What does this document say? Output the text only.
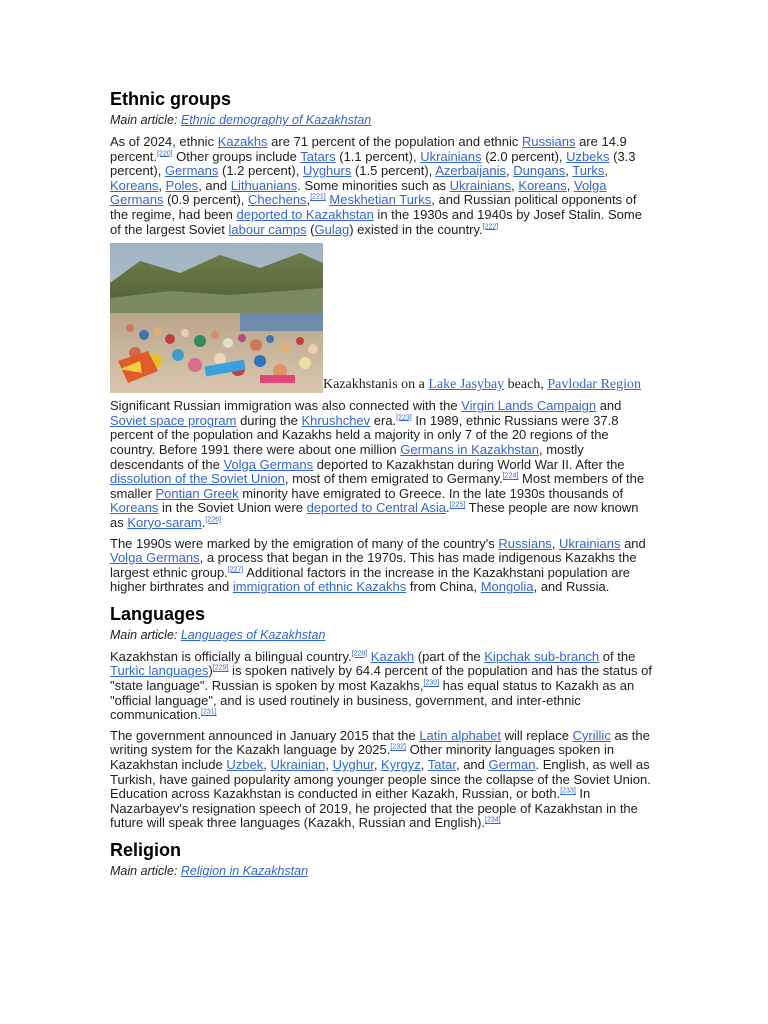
Ethnic groups
Main article: Ethnic demography of Kazakhstan

As of 2024, ethnic Kazakhs are 71 percent of the population and ethnic Russians are 14.9 percent.[220] Other groups include Tatars (1.1 percent), Ukrainians (2.0 percent), Uzbeks (3.3 percent), Germans (1.2 percent), Uyghurs (1.5 percent), Azerbaijanis, Dungans, Turks, Koreans, Poles, and Lithuanians. Some minorities such as Ukrainians, Koreans, Volga Germans (0.9 percent), Chechens,[221] Meskhetian Turks, and Russian political opponents of the regime, had been deported to Kazakhstan in the 1930s and 1940s by Josef Stalin. Some of the largest Soviet labour camps (Gulag) existed in the country.[222]

Kazakhstanis on a Lake Jasybay beach, Pavlodar Region

Significant Russian immigration was also connected with the Virgin Lands Campaign and Soviet space program during the Khrushchev era.[223] In 1989, ethnic Russians were 37.8 percent of the population and Kazakhs held a majority in only 7 of the 20 regions of the country. Before 1991 there were about one million Germans in Kazakhstan, mostly descendants of the Volga Germans deported to Kazakhstan during World War II. After the dissolution of the Soviet Union, most of them emigrated to Germany.[224] Most members of the smaller Pontian Greek minority have emigrated to Greece. In the late 1930s thousands of Koreans in the Soviet Union were deported to Central Asia.[225] These people are now known as Koryo-saram.[226]

The 1990s were marked by the emigration of many of the country's Russians, Ukrainians and Volga Germans, a process that began in the 1970s. This has made indigenous Kazakhs the largest ethnic group.[227] Additional factors in the increase in the Kazakhstani population are higher birthrates and immigration of ethnic Kazakhs from China, Mongolia, and Russia.

Languages
Main article: Languages of Kazakhstan

Kazakhstan is officially a bilingual country.[228] Kazakh (part of the Kipchak sub-branch of the Turkic languages)[229] is spoken natively by 64.4 percent of the population and has the status of "state language". Russian is spoken by most Kazakhs,[230] has equal status to Kazakh as an "official language", and is used routinely in business, government, and inter-ethnic communication.[231]

The government announced in January 2015 that the Latin alphabet will replace Cyrillic as the writing system for the Kazakh language by 2025.[232] Other minority languages spoken in Kazakhstan include Uzbek, Ukrainian, Uyghur, Kyrgyz, Tatar, and German. English, as well as Turkish, have gained popularity among younger people since the collapse of the Soviet Union. Education across Kazakhstan is conducted in either Kazakh, Russian, or both.[233] In Nazarbayev's resignation speech of 2019, he projected that the people of Kazakhstan in the future will speak three languages (Kazakh, Russian and English).[234]

Religion
Main article: Religion in Kazakhstan
